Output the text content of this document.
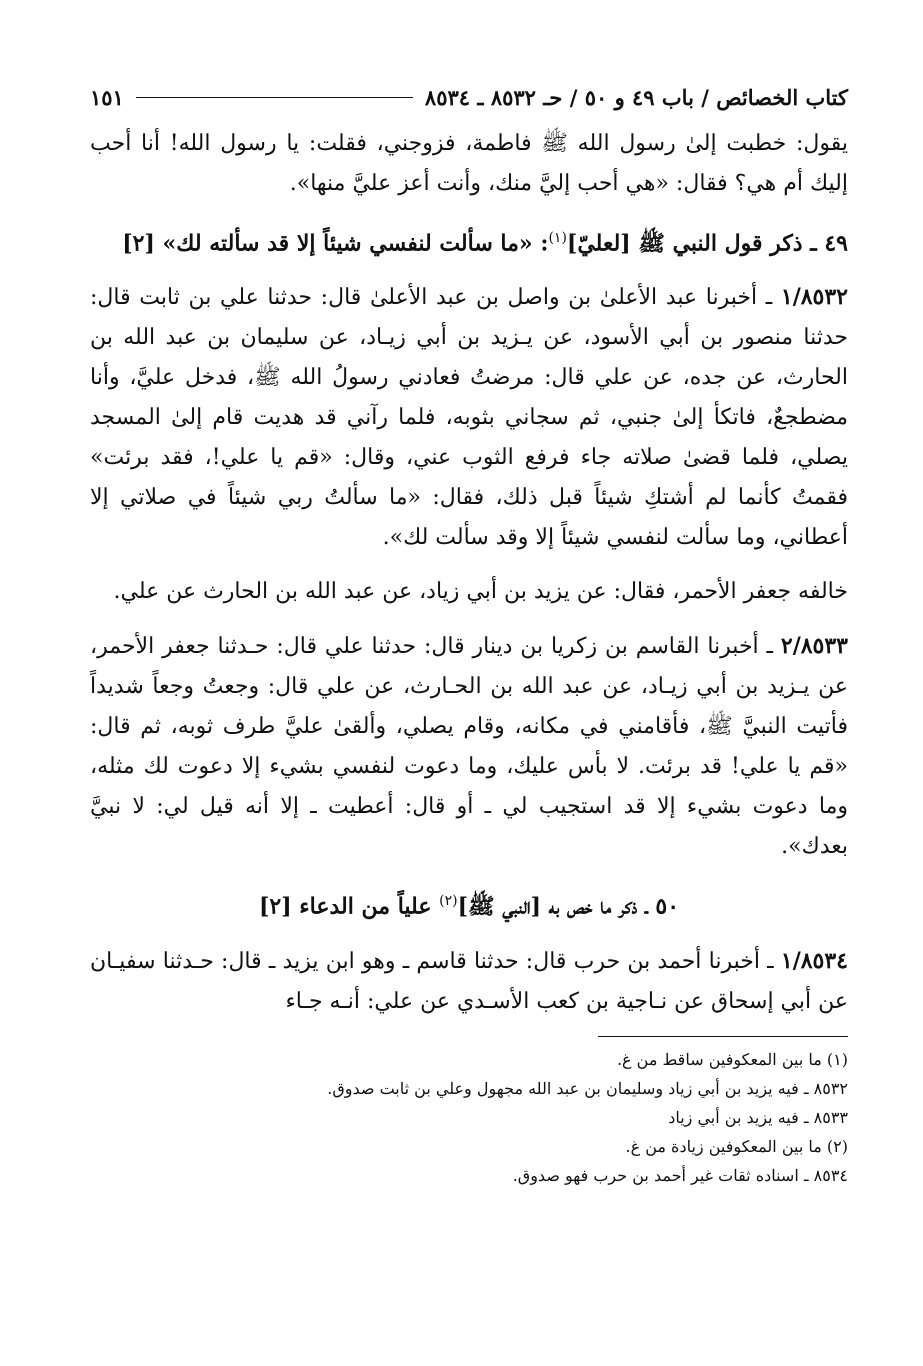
كتاب الخصائص / باب ٤٩ و ٥٠ / حـ ٨٥٣٢ ـ ٨٥٣٤
١٥١

يقول: خطبت إلىٰ رسول الله ﷺ فاطمة، فزوجني، فقلت: يا رسول الله! أنا أحب إليك أم هي؟ فقال: «هي أحب إليَّ منك، وأنت أعز عليَّ منها».

٤٩ ـ ذكر قول النبي ﷺ [لعليّ]$^{(١)}$: «ما سألت لنفسي شيئاً إلا قد سألته لك» [٢]

١/٨٥٣٢ ـ أخبرنا عبد الأعلىٰ بن واصل بن عبد الأعلىٰ قال: حدثنا علي بن ثابت قال: حدثنا منصور بن أبي الأسود، عن يـزيد بن أبي زيـاد، عن سليمان بن عبد الله بن الحارث، عن جده، عن علي قال: مرضتُ فعادني رسولُ الله ﷺ، فدخل عليَّ، وأنا مضطجعٌ، فاتكأ إلىٰ جنبي، ثم سجاني بثوبه، فلما رآني قد هديت قام إلىٰ المسجد يصلي، فلما قضىٰ صلاته جاء فرفع الثوب عني، وقال: «قم يا علي!، فقد برئت» فقمتُ كأنما لم أشتكِ شيئاً قبل ذلك، فقال: «ما سألتُ ربي شيئاً في صلاتي إلا أعطاني، وما سألت لنفسي شيئاً إلا وقد سألت لك».

خالفه جعفر الأحمر، فقال: عن يزيد بن أبي زياد، عن عبد الله بن الحارث عن علي.

٢/٨٥٣٣ ـ أخبرنا القاسم بن زكريا بن دينار قال: حدثنا علي قال: حـدثنا جعفر الأحمر، عن يـزيد بن أبي زيـاد، عن عبد الله بن الحـارث، عن علي قال: وجعتُ وجعاً شديداً فأتيت النبيَّ ﷺ، فأقامني في مكانه، وقام يصلي، وألقىٰ عليَّ طرف ثوبه، ثم قال: «قم يا علي! قد برئت. لا بأس عليك، وما دعوت لنفسي بشيء إلا دعوت لك مثله، وما دعوت بشيء إلا قد استجيب لي ـ أو قال: أعطيت ـ إلا أنه قيل لي: لا نبيَّ بعدك».

٥٠ ـ ذكر ما خص به [النبي ﷺ]$^{(٢)}$ علياً من الدعاء [٢]

١/٨٥٣٤ ـ أخبرنا أحمد بن حرب قال: حدثنا قاسم ـ وهو ابن يزيد ـ قال: حـدثنا سفيـان عن أبي إسحاق عن نـاجية بن كعب الأسـدي عن علي: أنـه جـاء

(١) ما بين المعكوفين ساقط من غ.
٨٥٣٢ ـ فيه يزيد بن أبي زياد وسليمان بن عبد الله مجهول وعلي بن ثابت صدوق.
٨٥٣٣ ـ فيه يزيد بن أبي زياد
(٢) ما بين المعكوفين زيادة من غ.
٨٥٣٤ ـ اسناده ثقات غير أحمد بن حرب فهو صدوق.
